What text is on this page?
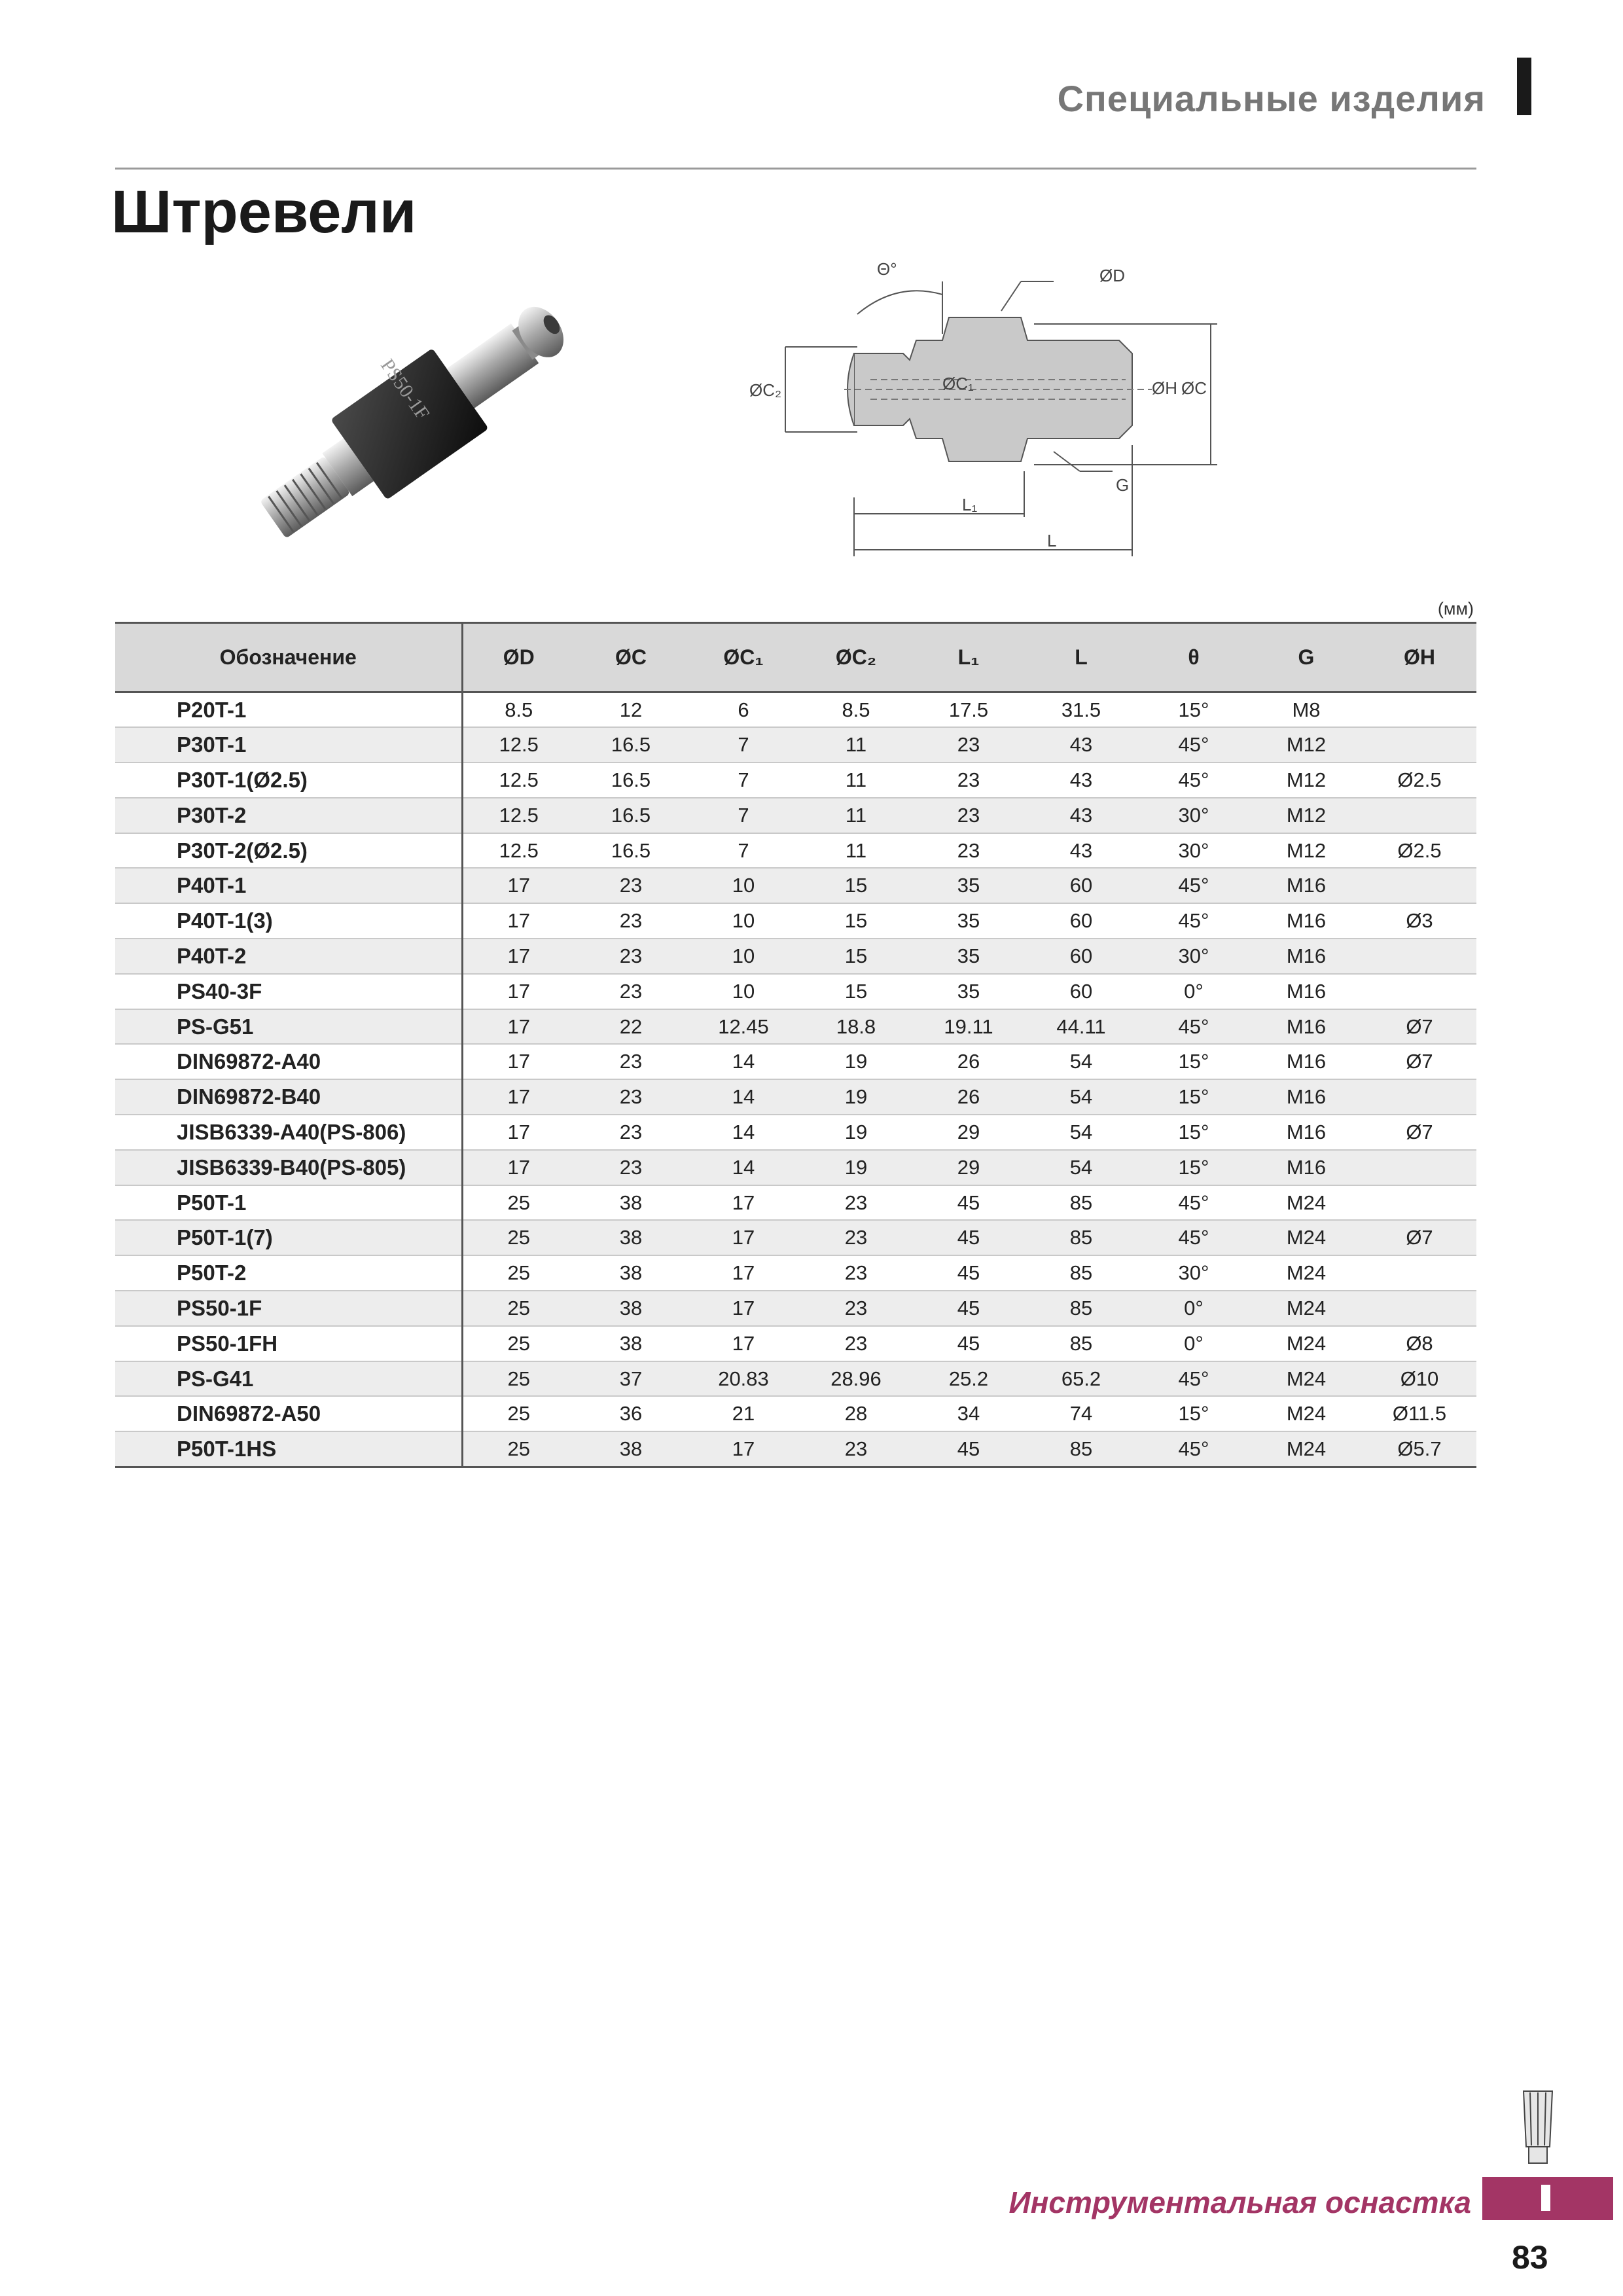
Специальные изделия
Штревели
PS50-1F
Θ°	ØD
ØC₂	ØC₁	ØH ØC
G
L₁
L
(мм)
Обозначение	ØD	ØC	ØC₁	ØC₂	L₁	L	θ	G	ØH
P20T-1	8.5	12	6	8.5	17.5	31.5	15°	M8	
P30T-1	12.5	16.5	7	11	23	43	45°	M12	
P30T-1(Ø2.5)	12.5	16.5	7	11	23	43	45°	M12	Ø2.5
P30T-2	12.5	16.5	7	11	23	43	30°	M12	
P30T-2(Ø2.5)	12.5	16.5	7	11	23	43	30°	M12	Ø2.5
P40T-1	17	23	10	15	35	60	45°	M16	
P40T-1(3)	17	23	10	15	35	60	45°	M16	Ø3
P40T-2	17	23	10	15	35	60	30°	M16	
PS40-3F	17	23	10	15	35	60	0°	M16	
PS-G51	17	22	12.45	18.8	19.11	44.11	45°	M16	Ø7
DIN69872-A40	17	23	14	19	26	54	15°	M16	Ø7
DIN69872-B40	17	23	14	19	26	54	15°	M16	
JISB6339-A40(PS-806)	17	23	14	19	29	54	15°	M16	Ø7
JISB6339-B40(PS-805)	17	23	14	19	29	54	15°	M16	
P50T-1	25	38	17	23	45	85	45°	M24	
P50T-1(7)	25	38	17	23	45	85	45°	M24	Ø7
P50T-2	25	38	17	23	45	85	30°	M24	
PS50-1F	25	38	17	23	45	85	0°	M24	
PS50-1FH	25	38	17	23	45	85	0°	M24	Ø8
PS-G41	25	37	20.83	28.96	25.2	65.2	45°	M24	Ø10
DIN69872-A50	25	36	21	28	34	74	15°	M24	Ø11.5
P50T-1HS	25	38	17	23	45	85	45°	M24	Ø5.7
Инструментальная оснастка
83
